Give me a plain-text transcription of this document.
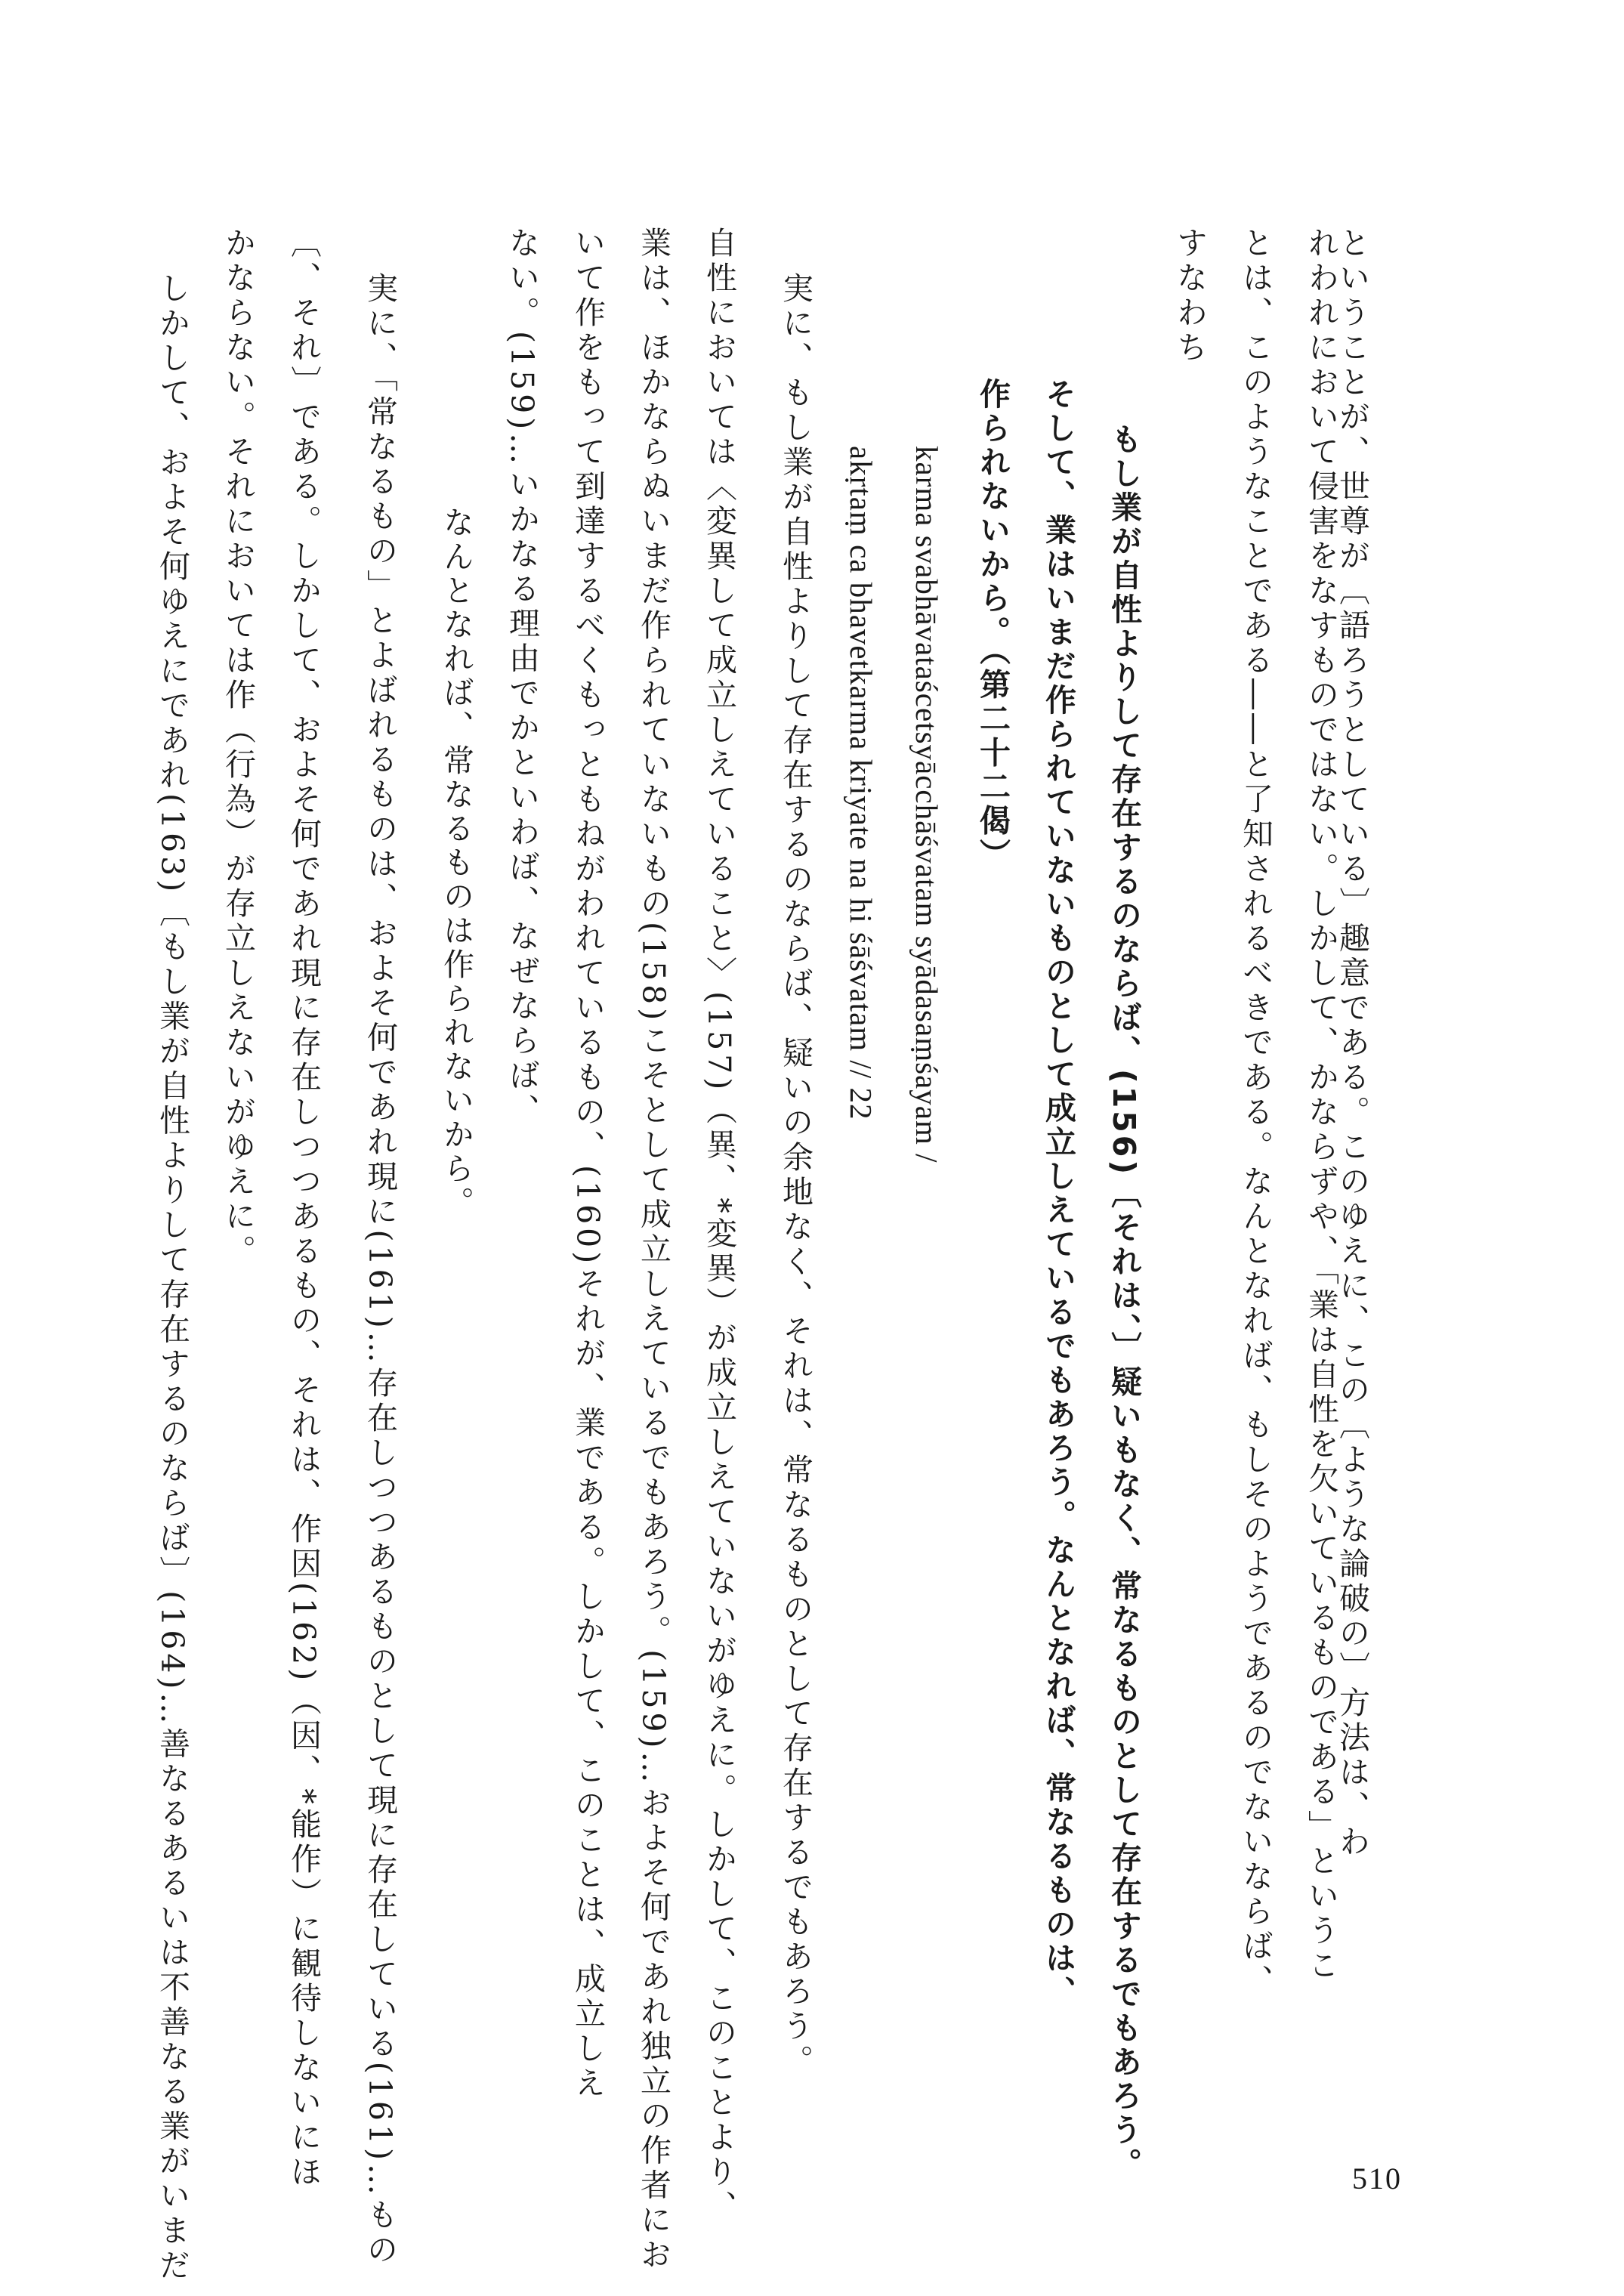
ということが、世尊が〔語ろうとしている〕趣意である。このゆえに、この〔ような論破の〕方法は、わ
れわれにおいて侵害をなすものではない。しかして、かならずや、「業は自性を欠いているものである」というこ
とは、このようなことである――と了知されるべきである。なんとなれば、もしそのようであるのでないならば、
すなわち
もし業が自性よりして存在するのならば、(156)〔それは、〕疑いもなく、常なるものとして存在するでもあろう。
そして、業はいまだ作られていないものとして成立しえているでもあろう。なんとなれば、常なるものは、
作られないから。（第二十二偈）
karma svabhāvataścetsyācchāśvatam syādasaṃśayam /
akṛtaṃ ca bhavetkarma kriyate na hi śāśvatam // 22
実に、もし業が自性よりして存在するのならば、疑いの余地なく、それは、常なるものとして存在するでもあろう。
自性においては〈変異して成立しえていること〉(157)（異、*変異）が成立しえていないがゆえに。しかして、このことより、
業は、ほかならぬいまだ作られていないもの(158)こそとして成立しえているでもあろう。(159)…およそ何であれ独立の作者にお
いて作をもって到達するべくもっともねがわれているもの、(160)それが、業である。しかして、このことは、成立しえ
ない。(159)…いかなる理由でかといわば、なぜならば、
なんとなれば、常なるものは作られないから。
実に、「常なるもの」とよばれるものは、およそ何であれ現に(161)…存在しつつあるものとして現に存在している(161)…もの
〔、それ〕である。しかして、およそ何であれ現に存在しつつあるもの、それは、作因(162)（因、*能作）に観待しないにほ
かならない。それにおいては作（行為）が存立しえないがゆえに。
しかして、およそ何ゆえにであれ(163)〔もし業が自性よりして存在するのならば〕(164)…善なるあるいは不善なる業がいまだ	510
